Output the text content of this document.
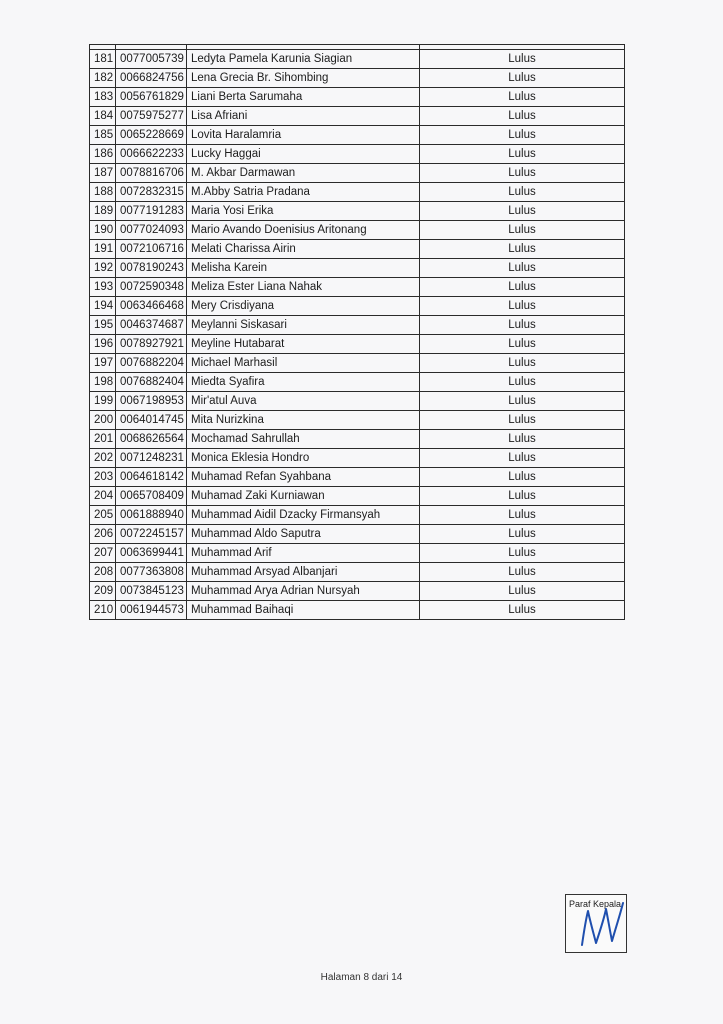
181	0077005739	Ledyta Pamela Karunia Siagian	Lulus
182	0066824756	Lena Grecia Br. Sihombing	Lulus
183	0056761829	Liani Berta Sarumaha	Lulus
184	0075975277	Lisa Afriani	Lulus
185	0065228669	Lovita Haralamria	Lulus
186	0066622233	Lucky Haggai	Lulus
187	0078816706	M. Akbar Darmawan	Lulus
188	0072832315	M.Abby Satria Pradana	Lulus
189	0077191283	Maria Yosi Erika	Lulus
190	0077024093	Mario Avando Doenisius Aritonang	Lulus
191	0072106716	Melati Charissa Airin	Lulus
192	0078190243	Melisha Karein	Lulus
193	0072590348	Meliza Ester Liana Nahak	Lulus
194	0063466468	Mery Crisdiyana	Lulus
195	0046374687	Meylanni Siskasari	Lulus
196	0078927921	Meyline Hutabarat	Lulus
197	0076882204	Michael Marhasil	Lulus
198	0076882404	Miedta Syafira	Lulus
199	0067198953	Mir'atul Auva	Lulus
200	0064014745	Mita Nurizkina	Lulus
201	0068626564	Mochamad Sahrullah	Lulus
202	0071248231	Monica Eklesia Hondro	Lulus
203	0064618142	Muhamad Refan Syahbana	Lulus
204	0065708409	Muhamad Zaki Kurniawan	Lulus
205	0061888940	Muhammad Aidil Dzacky Firmansyah	Lulus
206	0072245157	Muhammad Aldo Saputra	Lulus
207	0063699441	Muhammad Arif	Lulus
208	0077363808	Muhammad Arsyad Albanjari	Lulus
209	0073845123	Muhammad Arya Adrian Nursyah	Lulus
210	0061944573	Muhammad Baihaqi	Lulus
Paraf Kepala
Halaman 8 dari 14
